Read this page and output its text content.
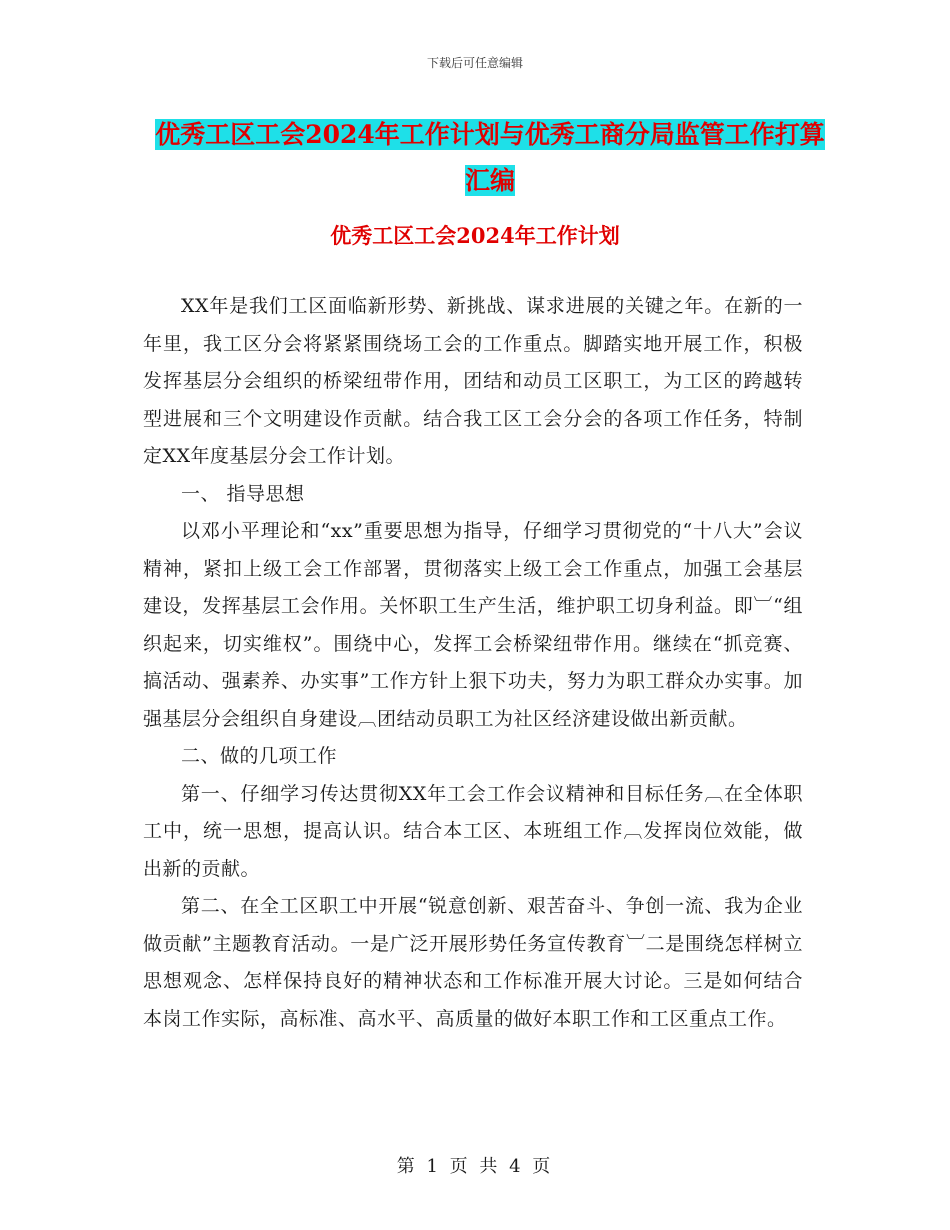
下载后可任意编辑
优秀工区工会2024年工作计划与优秀工商分局监管工作打算汇编
优秀工区工会2024年工作计划

XX年是我们工区面临新形势、新挑战、谋求进展的关键之年。在新的一年里，我工区分会将紧紧围绕场工会的工作重点。脚踏实地开展工作，积极发挥基层分会组织的桥梁纽带作用，团结和动员工区职工，为工区的跨越转型进展和三个文明建设作贡献。结合我工区工会分会的各项工作任务，特制定XX年度基层分会工作计划。

一、 指导思想

以邓小平理论和“xx”重要思想为指导，仔细学习贯彻党的“十八大”会议精神，紧扣上级工会工作部署，贯彻落实上级工会工作重点，加强工会基层建设，发挥基层工会作用。关怀职工生产生活，维护职工切身利益。即︺“组织起来，切实维权”。围绕中心，发挥工会桥梁纽带作用。继续在“抓竞赛、搞活动、强素养、办实事”工作方针上狠下功夫，努力为职工群众办实事。加强基层分会组织自身建设︹团结动员职工为社区经济建设做出新贡献。

二、做的几项工作

第一、仔细学习传达贯彻XX年工会工作会议精神和目标任务︹在全体职工中，统一思想，提高认识。结合本工区、本班组工作︹发挥岗位效能，做出新的贡献。

第二、在全工区职工中开展“锐意创新、艰苦奋斗、争创一流、我为企业做贡献”主题教育活动。一是广泛开展形势任务宣传教育︺二是围绕怎样树立思想观念、怎样保持良好的精神状态和工作标准开展大讨论。三是如何结合本岗工作实际，高标准、高水平、高质量的做好本职工作和工区重点工作。

第 1 页 共 4 页
